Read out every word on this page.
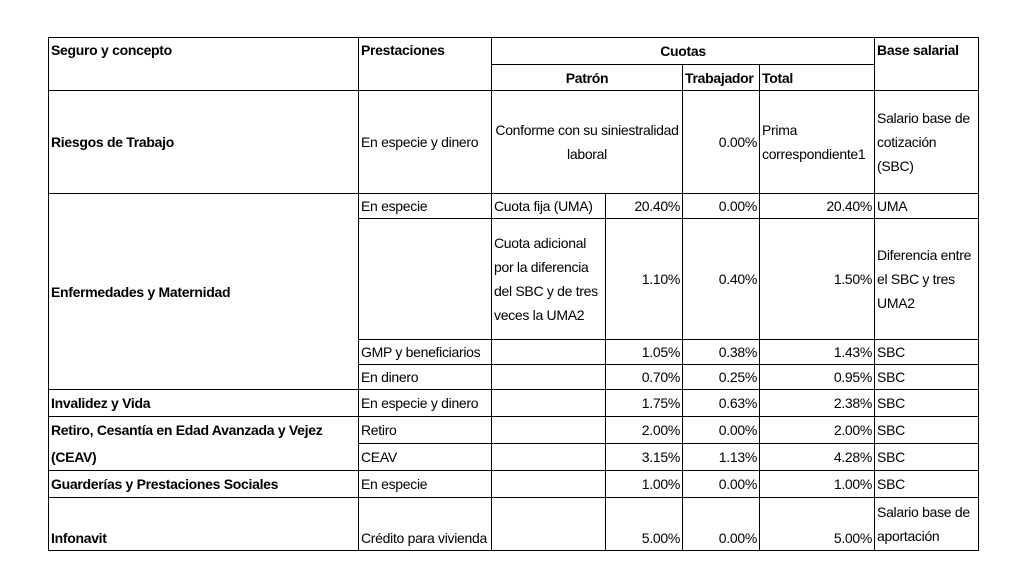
Seguro y concepto	Prestaciones	Cuotas				Base salarial
		Patrón		Trabajador	Total	
Riesgos de Trabajo	En especie y dinero	Conforme con su siniestralidad laboral		0.00%	Prima correspondiente1	Salario base de cotización (SBC)
Enfermedades y Maternidad	En especie	Cuota fija (UMA)	20.40%	0.00%	20.40%	UMA
		Cuota adicional por la diferencia del SBC y de tres veces la UMA2	1.10%	0.40%	1.50%	Diferencia entre el SBC y tres UMA2
	GMP y beneficiarios		1.05%	0.38%	1.43%	SBC
	En dinero		0.70%	0.25%	0.95%	SBC
Invalidez y Vida	En especie y dinero		1.75%	0.63%	2.38%	SBC
Retiro, Cesantía en Edad Avanzada y Vejez	Retiro		2.00%	0.00%	2.00%	SBC
(CEAV)	CEAV		3.15%	1.13%	4.28%	SBC
Guarderías y Prestaciones Sociales	En especie		1.00%	0.00%	1.00%	SBC
Infonavit	Crédito para vivienda		5.00%	0.00%	5.00%	Salario base de aportación
